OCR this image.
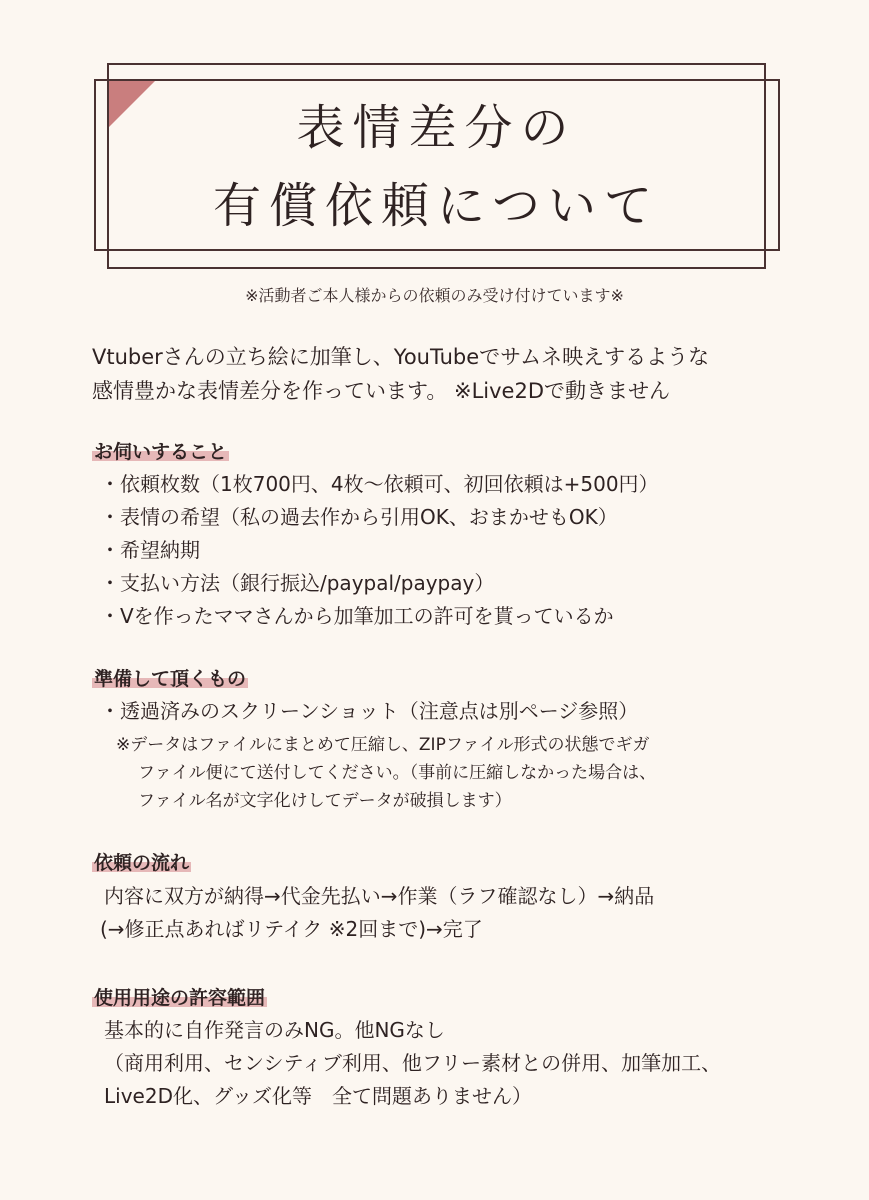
表情差分の
有償依頼について
※活動者ご本人様からの依頼のみ受け付けています※
Vtuberさんの立ち絵に加筆し、YouTubeでサムネ映えするような
感情豊かな表情差分を作っています。 ※Live2Dで動きません
お伺いすること
・依頼枚数（1枚700円、4枚～依頼可、初回依頼は+500円）
・表情の希望（私の過去作から引用OK、おまかせもOK）
・希望納期
・支払い方法（銀行振込/paypal/paypay）
・Vを作ったママさんから加筆加工の許可を貰っているか
準備して頂くもの
・透過済みのスクリーンショット（注意点は別ページ参照）
※データはファイルにまとめて圧縮し、ZIPファイル形式の状態でギガ
ファイル便にて送付してください。（事前に圧縮しなかった場合は、
ファイル名が文字化けしてデータが破損します）
依頼の流れ
内容に双方が納得→代金先払い→作業（ラフ確認なし）→納品
(→修正点あればリテイク ※2回まで)→完了
使用用途の許容範囲
基本的に自作発言のみNG。他NGなし
（商用利用、センシティブ利用、他フリー素材との併用、加筆加工、
Live2D化、グッズ化等　全て問題ありません）
